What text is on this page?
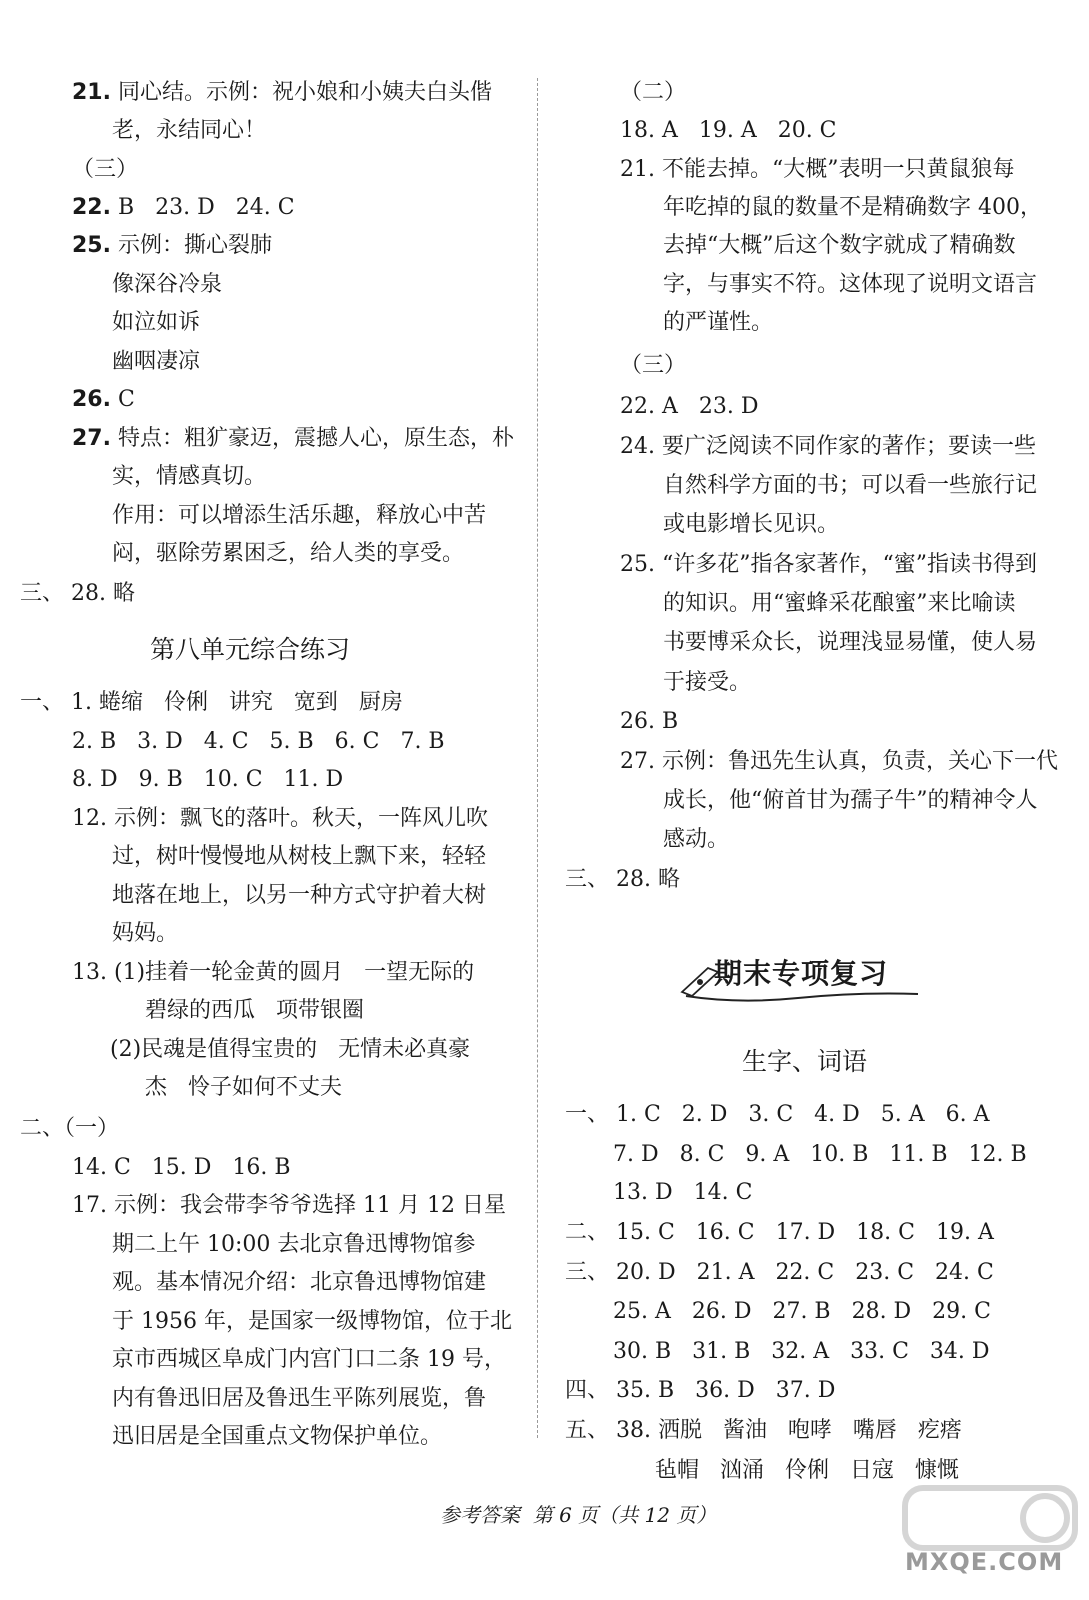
21. 同心结。示例：祝小娘和小姨夫白头偕
老，永结同心！
（三）
22. B   23. D   24. C
25. 示例：撕心裂肺
像深谷冷泉
如泣如诉
幽咽凄凉
26. C
27. 特点：粗犷豪迈，震撼人心，原生态，朴
实，情感真切。
作用：可以增添生活乐趣，释放心中苦
闷，驱除劳累困乏，给人类的享受。
三、 28. 略
一、 1. 蜷缩   伶俐   讲究   宽到   厨房
2. B   3. D   4. C   5. B   6. C   7. B
8. D   9. B   10. C   11. D
12. 示例：飘飞的落叶。秋天，一阵风儿吹
过，树叶慢慢地从树枝上飘下来，轻轻
地落在地上，以另一种方式守护着大树
妈妈。
13. (1)挂着一轮金黄的圆月   一望无际的
碧绿的西瓜   项带银圈
(2)民魂是值得宝贵的   无情未必真豪
杰   怜子如何不丈夫
二、（一）
14. C   15. D   16. B
17. 示例：我会带李爷爷选择 11 月 12 日星
期二上午 10:00 去北京鲁迅博物馆参
观。基本情况介绍：北京鲁迅博物馆建
于 1956 年，是国家一级博物馆，位于北
京市西城区阜成门内宫门口二条 19 号，
内有鲁迅旧居及鲁迅生平陈列展览，鲁
迅旧居是全国重点文物保护单位。
（二）
18. A   19. A   20. C
21. 不能去掉。“大概”表明一只黄鼠狼每
年吃掉的鼠的数量不是精确数字 400，
去掉“大概”后这个数字就成了精确数
字，与事实不符。这体现了说明文语言
的严谨性。
（三）
22. A   23. D
24. 要广泛阅读不同作家的著作；要读一些
自然科学方面的书；可以看一些旅行记
或电影增长见识。
25. “许多花”指各家著作，“蜜”指读书得到
的知识。用“蜜蜂采花酿蜜”来比喻读
书要博采众长，说理浅显易懂，使人易
于接受。
26. B
27. 示例：鲁迅先生认真，负责，关心下一代
成长，他“俯首甘为孺子牛”的精神令人
感动。
三、 28. 略
一、 1. C   2. D   3. C   4. D   5. A   6. A
7. D   8. C   9. A   10. B   11. B   12. B
13. D   14. C
二、 15. C   16. C   17. D   18. C   19. A
三、 20. D   21. A   22. C   23. C   24. C
25. A   26. D   27. B   28. D   29. C
30. B   31. B   32. A   33. C   34. D
四、 35. B   36. D   37. D
五、 38. 洒脱   酱油   咆哮   嘴唇   疙瘩
毡帽   汹涌   伶俐   日寇   慷慨
第八单元综合练习
期末专项复习
生字、词语
参考答案  第 6 页（共 12 页）
MXQE.COM
